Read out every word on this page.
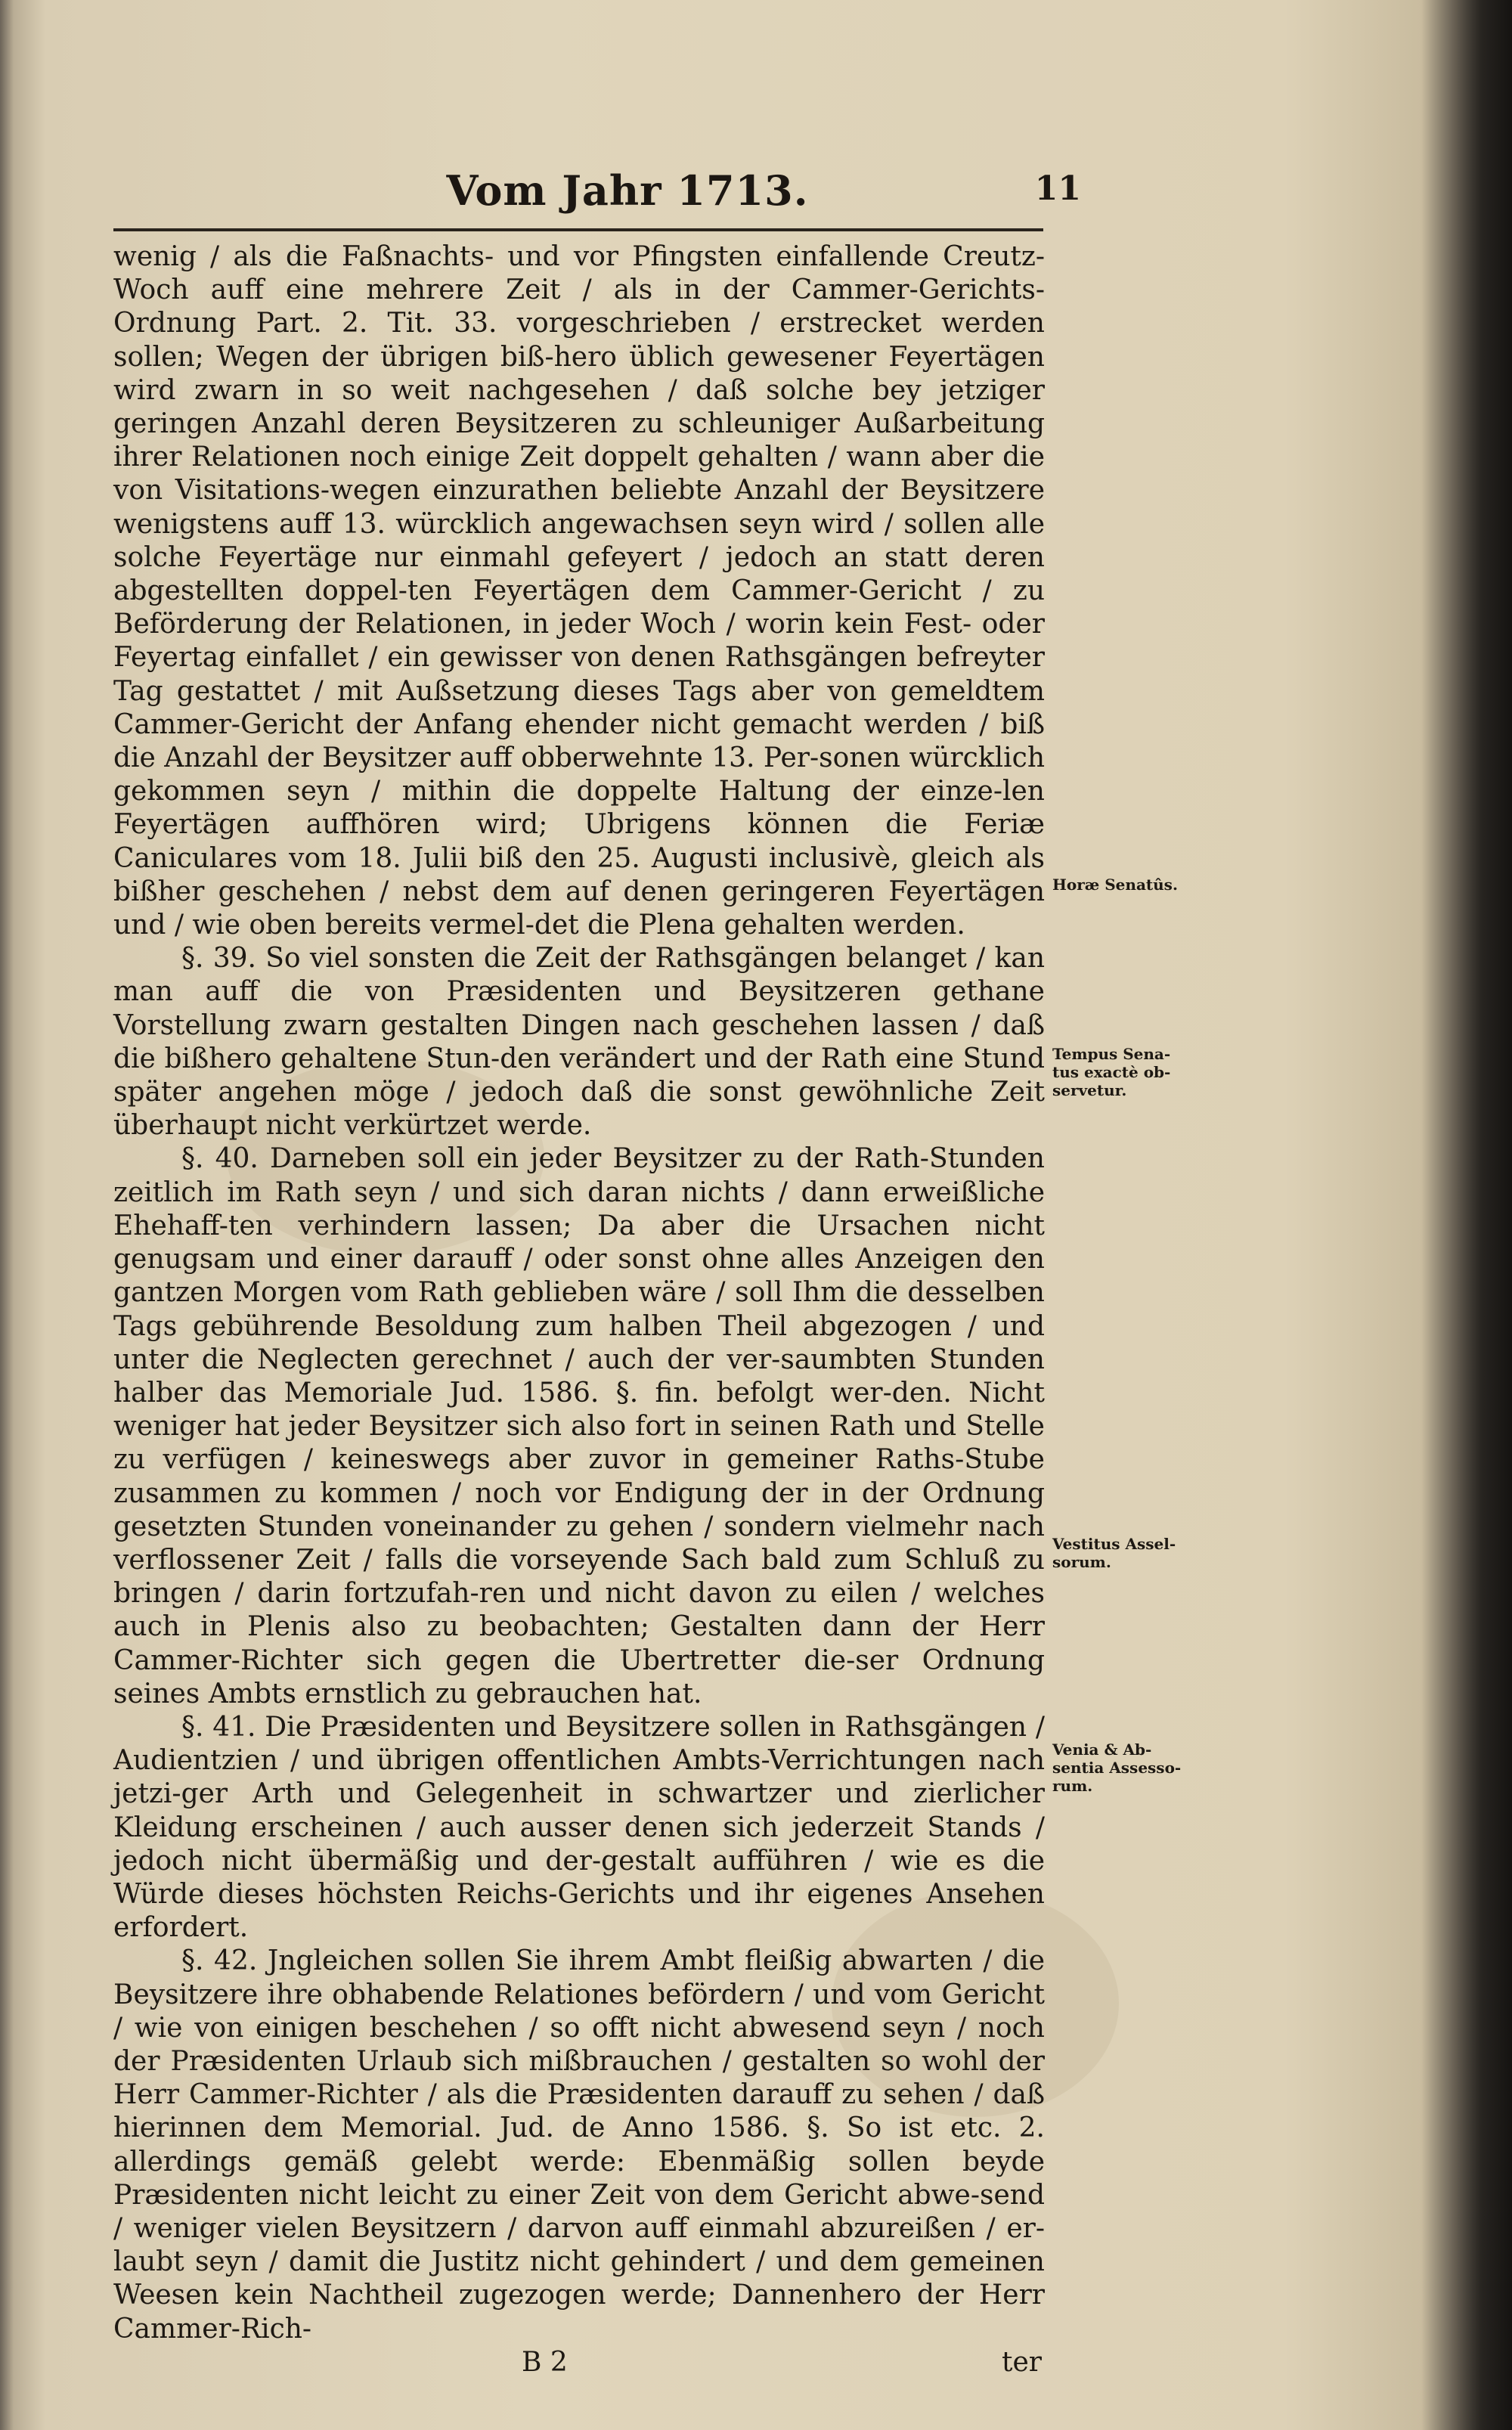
Vom Jahr 1713.	11

wenig / als die Faßnachts- und vor Pfingsten einfallende Creutz-Woch auff eine mehrere Zeit / als in der Cammer-Gerichts-Ordnung Part. 2. Tit. 33. vorgeschrieben / erstrecket werden sollen; Wegen der übrigen biß-hero üblich gewesener Feyertägen wird zwarn in so weit nachgesehen / daß solche bey jetziger geringen Anzahl deren Beysitzeren zu schleuniger Außarbeitung ihrer Relationen noch einige Zeit doppelt gehalten / wann aber die von Visitations-wegen einzurathen beliebte Anzahl der Beysitzere wenigstens auff 13. würcklich angewachsen seyn wird / sollen alle solche Feyertäge nur einmahl gefeyert / jedoch an statt deren abgestellten doppel-ten Feyertägen dem Cammer-Gericht / zu Beförderung der Relationen, in jeder Woch / worin kein Fest- oder Feyertag einfallet / ein gewisser von denen Rathsgängen befreyter Tag gestattet / mit Außsetzung dieses Tags aber von gemeldtem Cammer-Gericht der Anfang ehender nicht gemacht werden / biß die Anzahl der Beysitzer auff obberwehnte 13. Per-sonen würcklich gekommen seyn / mithin die doppelte Haltung der einze-len Feyertägen auffhören wird; Ubrigens können die Feriæ Caniculares vom 18. Julii biß den 25. Augusti inclusivè, gleich als bißher geschehen / nebst dem auf denen geringeren Feyertägen und / wie oben bereits vermel-det die Plena gehalten werden.

§. 39. So viel sonsten die Zeit der Rathsgängen belanget / kan man auff die von Præsidenten und Beysitzeren gethane Vorstellung zwarn gestalten Dingen nach geschehen lassen / daß die bißhero gehaltene Stun-den verändert und der Rath eine Stund später angehen möge / jedoch daß die sonst gewöhnliche Zeit überhaupt nicht verkürtzet werde.

§. 40. Darneben soll ein jeder Beysitzer zu der Rath-Stunden zeitlich im Rath seyn / und sich daran nichts / dann erweißliche Ehehaff-ten verhindern lassen; Da aber die Ursachen nicht genugsam und einer darauff / oder sonst ohne alles Anzeigen den gantzen Morgen vom Rath geblieben wäre / soll Ihm die desselben Tags gebührende Besoldung zum halben Theil abgezogen / und unter die Neglecten gerechnet / auch der ver-saumbten Stunden halber das Memoriale Jud. 1586. §. fin. befolgt wer-den. Nicht weniger hat jeder Beysitzer sich also fort in seinen Rath und Stelle zu verfügen / keineswegs aber zuvor in gemeiner Raths-Stube zusammen zu kommen / noch vor Endigung der in der Ordnung gesetzten Stunden voneinander zu gehen / sondern vielmehr nach verflossener Zeit / falls die vorseyende Sach bald zum Schluß zu bringen / darin fortzufah-ren und nicht davon zu eilen / welches auch in Plenis also zu beobachten; Gestalten dann der Herr Cammer-Richter sich gegen die Ubertretter die-ser Ordnung seines Ambts ernstlich zu gebrauchen hat.

§. 41. Die Præsidenten und Beysitzere sollen in Rathsgängen / Audientzien / und übrigen offentlichen Ambts-Verrichtungen nach jetzi-ger Arth und Gelegenheit in schwartzer und zierlicher Kleidung erscheinen / auch ausser denen sich jederzeit Stands / jedoch nicht übermäßig und der-gestalt aufführen / wie es die Würde dieses höchsten Reichs-Gerichts und ihr eigenes Ansehen erfordert.

§. 42. Jngleichen sollen Sie ihrem Ambt fleißig abwarten / die Beysitzere ihre obhabende Relationes befördern / und vom Gericht / wie von einigen beschehen / so offt nicht abwesend seyn / noch der Præsidenten Urlaub sich mißbrauchen / gestalten so wohl der Herr Cammer-Richter / als die Præsidenten darauff zu sehen / daß hierinnen dem Memorial. Jud. de Anno 1586. §. So ist etc. 2. allerdings gemäß gelebt werde: Ebenmäßig sollen beyde Præsidenten nicht leicht zu einer Zeit von dem Gericht abwe-send / weniger vielen Beysitzern / darvon auff einmahl abzureißen / er-laubt seyn / damit die Justitz nicht gehindert / und dem gemeinen Weesen kein Nachtheil zugezogen werde; Dannenhero der Herr Cammer-Rich-

B 2	ter

Horæ Senatûs.
Tempus Sena-tus exactè ob-servetur.
Vestitus Assel-sorum.
Venia & Ab-sentia Assesso-rum.
